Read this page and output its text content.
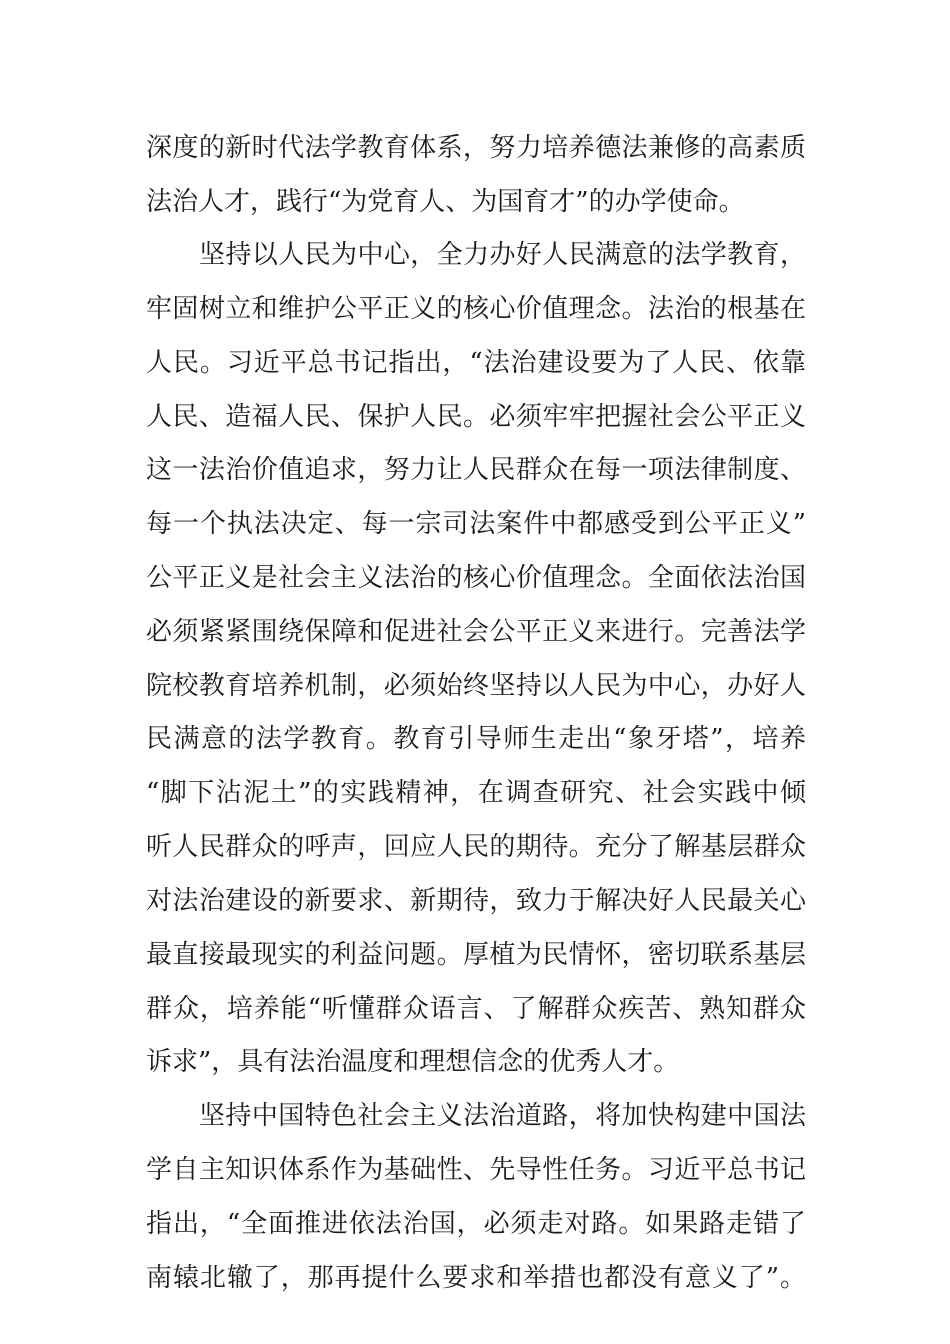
深度的新时代法学教育体系，努力培养德法兼修的高素质
法治人才，践行“为党育人、为国育才”的办学使命。
坚持以人民为中心，全力办好人民满意的法学教育，
牢固树立和维护公平正义的核心价值理念。法治的根基在
人民。习近平总书记指出，“法治建设要为了人民、依靠
人民、造福人民、保护人民。必须牢牢把握社会公平正义
这一法治价值追求，努力让人民群众在每一项法律制度、
每一个执法决定、每一宗司法案件中都感受到公平正义”
公平正义是社会主义法治的核心价值理念。全面依法治国
必须紧紧围绕保障和促进社会公平正义来进行。完善法学
院校教育培养机制，必须始终坚持以人民为中心，办好人
民满意的法学教育。教育引导师生走出“象牙塔”，培养
“脚下沾泥土”的实践精神，在调查研究、社会实践中倾
听人民群众的呼声，回应人民的期待。充分了解基层群众
对法治建设的新要求、新期待，致力于解决好人民最关心
最直接最现实的利益问题。厚植为民情怀，密切联系基层
群众，培养能“听懂群众语言、了解群众疾苦、熟知群众
诉求”，具有法治温度和理想信念的优秀人才。
坚持中国特色社会主义法治道路，将加快构建中国法
学自主知识体系作为基础性、先导性任务。习近平总书记
指出，“全面推进依法治国，必须走对路。如果路走错了
南辕北辙了，那再提什么要求和举措也都没有意义了”。
